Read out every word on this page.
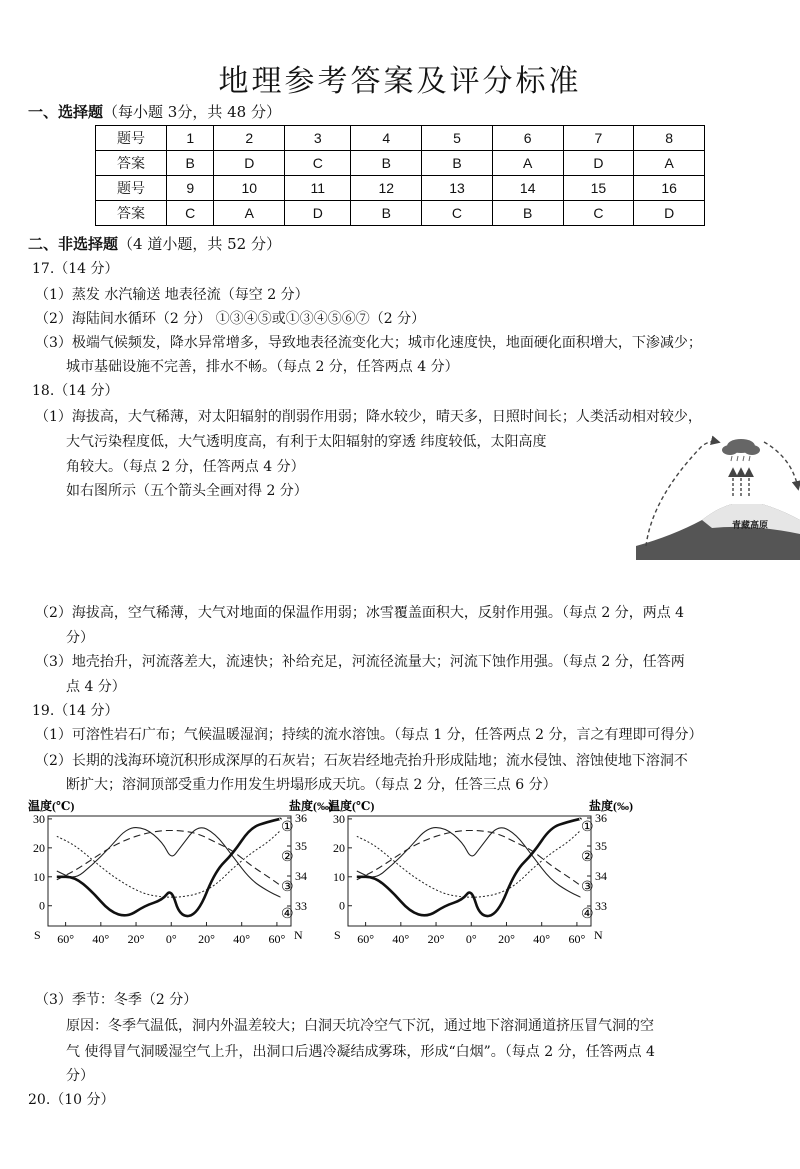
地理参考答案及评分标准
一、选择题（每小题 3分，共 48 分）
题号	1	2	3	4	5	6	7	8
答案	B	D	C	B	B	A	D	A
题号	9	10	11	12	13	14	15	16
答案	C	A	D	B	C	B	C	D
二、非选择题（4 道小题，共 52 分）
17.（14 分）
（1）蒸发 水汽输送 地表径流（每空 2 分）
（2）海陆间水循环（2 分） ①③④⑤或①③④⑤⑥⑦（2 分）
（3）极端气候频发，降水异常增多，导致地表径流变化大；城市化速度快，地面硬化面积增大，下渗减少；
城市基础设施不完善，排水不畅。（每点 2 分，任答两点 4 分）
18.（14 分）
（1）海拔高，大气稀薄，对太阳辐射的削弱作用弱；降水较少，晴天多，日照时间长；人类活动相对较少，
大气污染程度低，大气透明度高，有利于太阳辐射的穿透 纬度较低，太阳高度
角较大。（每点 2 分，任答两点 4 分）
如右图所示（五个箭头全画对得 2 分）
青藏高原
（2）海拔高，空气稀薄，大气对地面的保温作用弱；冰雪覆盖面积大，反射作用强。（每点 2 分，两点 4
分）
（3）地壳抬升，河流落差大，流速快；补给充足，河流径流量大；河流下蚀作用强。（每点 2 分，任答两
点 4 分）
19.（14 分）
（1）可溶性岩石广布；气候温暖湿润；持续的流水溶蚀。（每点 1 分，任答两点 2 分，言之有理即可得分）
（2）长期的浅海环境沉积形成深厚的石灰岩；石灰岩经地壳抬升形成陆地；流水侵蚀、溶蚀使地下溶洞不
断扩大；溶洞顶部受重力作用发生坍塌形成天坑。（每点 2 分，任答三点 6 分）
温度(℃)	盐度(‰)
30
20
10
0
36
35
34
33
60° 40° 20° 0° 20° 40° 60°
S	N
①
②
③
④
温度(℃)	盐度(‰)
30
20
10
0
36
35
34
33
60° 40° 20° 0° 20° 40° 60°
S	N
①
②
③
④
（3）季节：冬季（2 分）
原因：冬季气温低，洞内外温差较大；白洞天坑冷空气下沉，通过地下溶洞通道挤压冒气洞的空
气 使得冒气洞暖湿空气上升，出洞口后遇冷凝结成雾珠，形成“白烟”。（每点 2 分，任答两点 4
分）
20.（10 分）
